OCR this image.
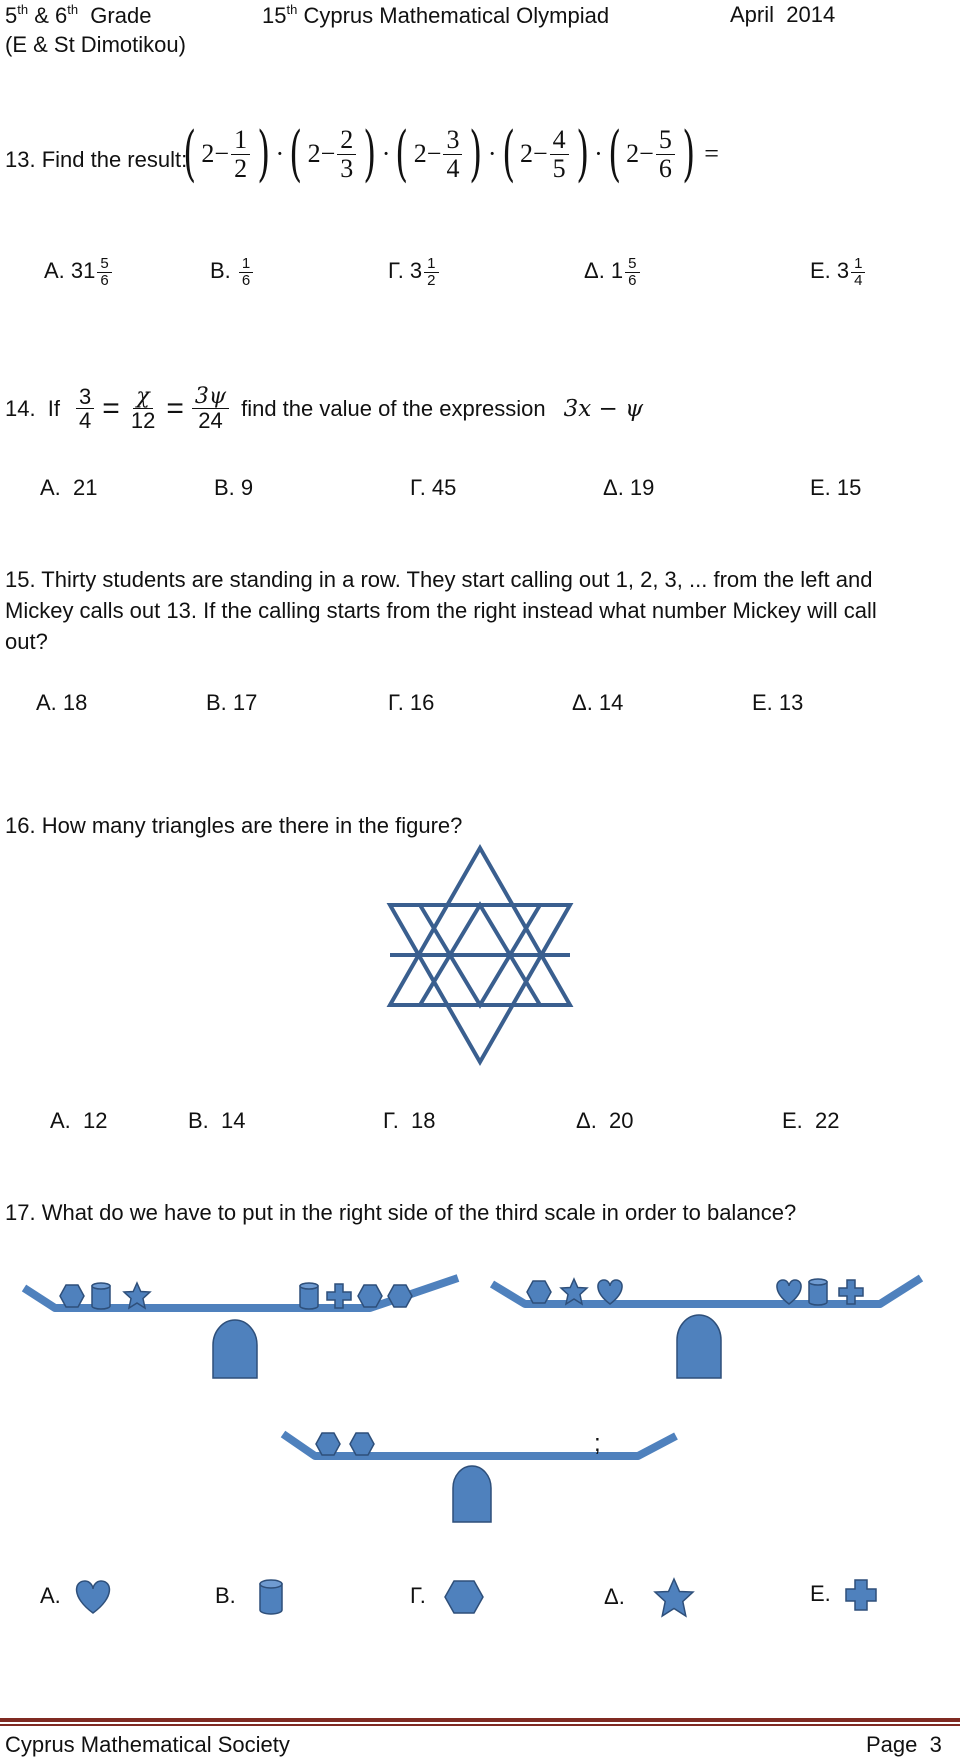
5th & 6th  Grade
(E & St Dimotikou)
15th Cyprus Mathematical Olympiad	April  2014
13. Find the result:
( $2 - \frac{1}{2}$ ) · ( $2 - \frac{2}{3}$ ) · ( $2 - \frac{3}{4}$ ) · ( $2 - \frac{4}{5}$ ) · ( $2 - \frac{5}{6}$ ) =
A. $31 \frac{5}{6}$	B. $\frac{1}{6}$	Γ. $3 \frac{1}{2}$	Δ. $1 \frac{5}{6}$	E. $3 \frac{1}{4}$
14.  If $\frac{3}{4} = \frac{\chi}{12} = \frac{3\psi}{24}$ find the value of the expression 3x − ψ
A.  21	B. 9	Γ. 45	Δ. 19	E. 15
15. Thirty students are standing in a row. They start calling out 1, 2, 3, ... from the left and
Mickey calls out 13. If the calling starts from the right instead what number Mickey will call
out?
A. 18	B. 17	Γ. 16	Δ. 14	E. 13
16. How many triangles are there in the figure?
A.  12	B.  14	Γ.  18	Δ.  20	E.  22
17. What do we have to put in the right side of the third scale in order to balance?
;
A.	B.	Γ.	Δ.	E.
Cyprus Mathematical Society	Page  3
